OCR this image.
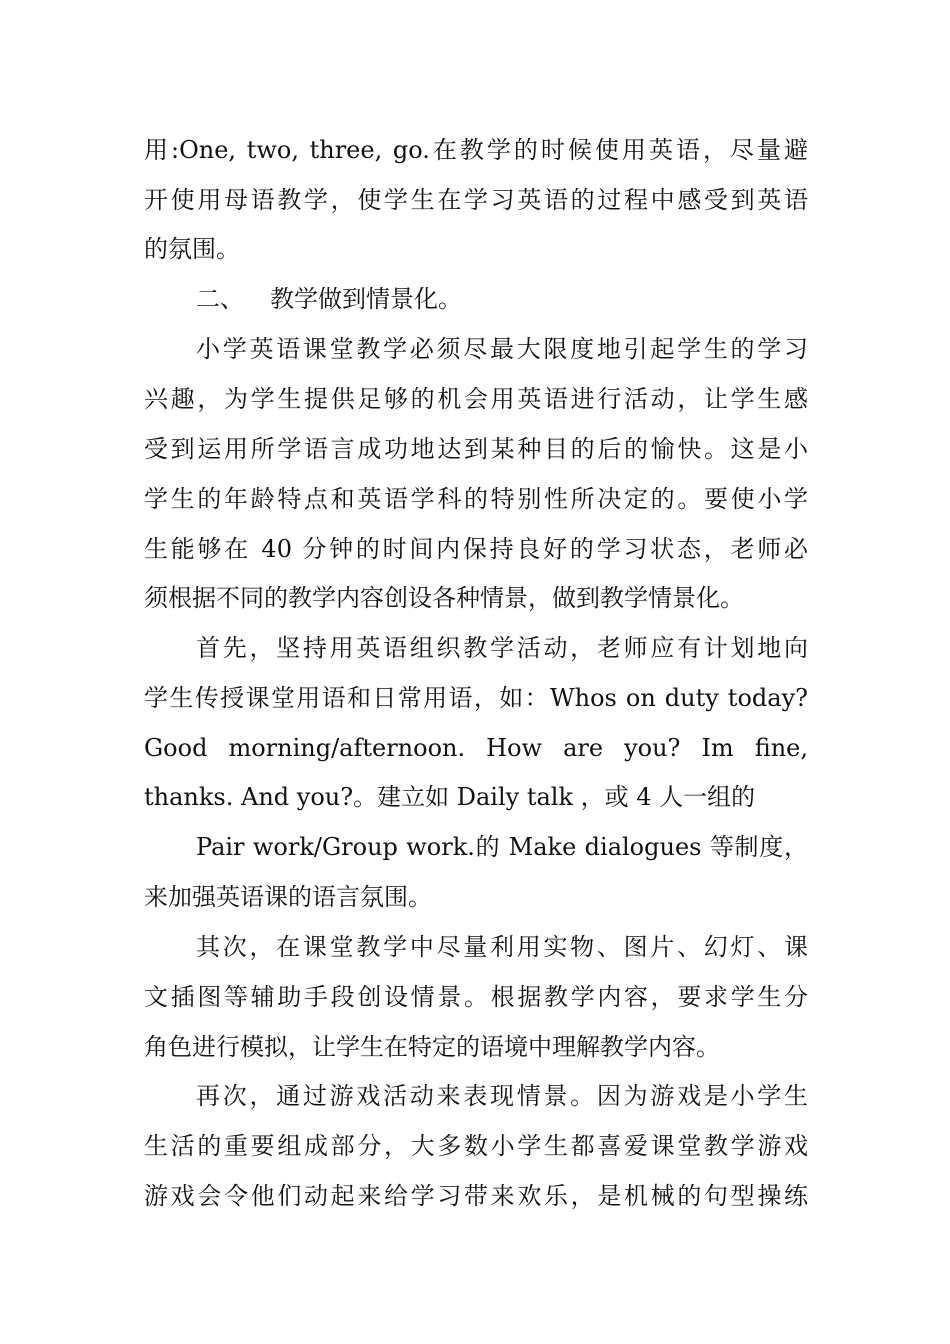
用:One, two, three, go.在教学的时候使用英语，尽量避
开使用母语教学，使学生在学习英语的过程中感受到英语
的氛围。
二、 教学做到情景化。
小学英语课堂教学必须尽最大限度地引起学生的学习
兴趣，为学生提供足够的机会用英语进行活动，让学生感
受到运用所学语言成功地达到某种目的后的愉快。这是小
学生的年龄特点和英语学科的特别性所决定的。要使小学
生能够在 40 分钟的时间内保持良好的学习状态，老师必
须根据不同的教学内容创设各种情景，做到教学情景化。
首先，坚持用英语组织教学活动，老师应有计划地向
学生传授课堂用语和日常用语，如：Whos on duty today?
Good morning/afternoon. How are you? Im fine,
thanks. And you?。建立如 Daily talk ，或 4 人一组的
Pair work/Group work.的 Make dialogues 等制度，
来加强英语课的语言氛围。
其次，在课堂教学中尽量利用实物、图片、幻灯、课
文插图等辅助手段创设情景。根据教学内容，要求学生分
角色进行模拟，让学生在特定的语境中理解教学内容。
再次，通过游戏活动来表现情景。因为游戏是小学生
生活的重要组成部分，大多数小学生都喜爱课堂教学游戏
游戏会令他们动起来给学习带来欢乐，是机械的句型操练
